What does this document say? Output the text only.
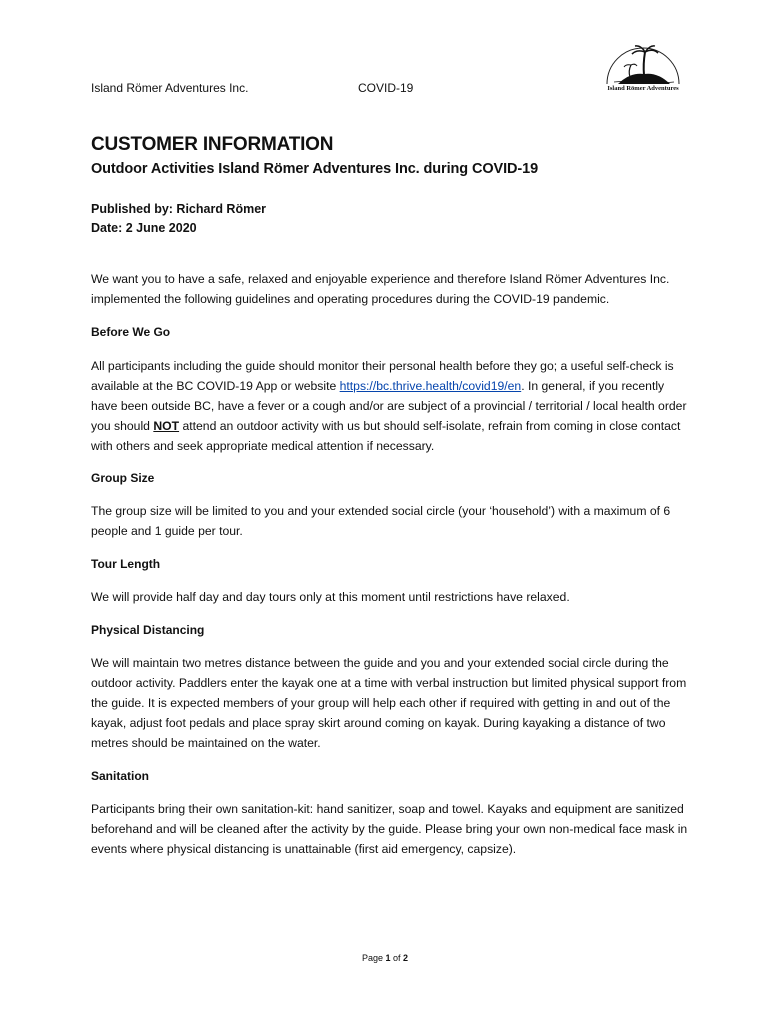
Island Römer Adventures Inc.	COVID-19	Island Römer Adventures
CUSTOMER INFORMATION
Outdoor Activities Island Römer Adventures Inc. during COVID-19
Published by: Richard Römer
Date: 2 June 2020

We want you to have a safe, relaxed and enjoyable experience and therefore Island Römer Adventures Inc. implemented the following guidelines and operating procedures during the COVID-19 pandemic.

Before We Go

All participants including the guide should monitor their personal health before they go; a useful self-check is available at the BC COVID-19 App or website https://bc.thrive.health/covid19/en. In general, if you recently have been outside BC, have a fever or a cough and/or are subject of a provincial / territorial / local health order you should NOT attend an outdoor activity with us but should self-isolate, refrain from coming in close contact with others and seek appropriate medical attention if necessary.

Group Size

The group size will be limited to you and your extended social circle (your ‘household’) with a maximum of 6 people and 1 guide per tour.

Tour Length

We will provide half day and day tours only at this moment until restrictions have relaxed.

Physical Distancing

We will maintain two metres distance between the guide and you and your extended social circle during the outdoor activity. Paddlers enter the kayak one at a time with verbal instruction but limited physical support from the guide. It is expected members of your group will help each other if required with getting in and out of the kayak, adjust foot pedals and place spray skirt around coming on kayak. During kayaking a distance of two metres should be maintained on the water.

Sanitation

Participants bring their own sanitation-kit: hand sanitizer, soap and towel. Kayaks and equipment are sanitized beforehand and will be cleaned after the activity by the guide. Please bring your own non-medical face mask in events where physical distancing is unattainable (first aid emergency, capsize).

Page 1 of 2
